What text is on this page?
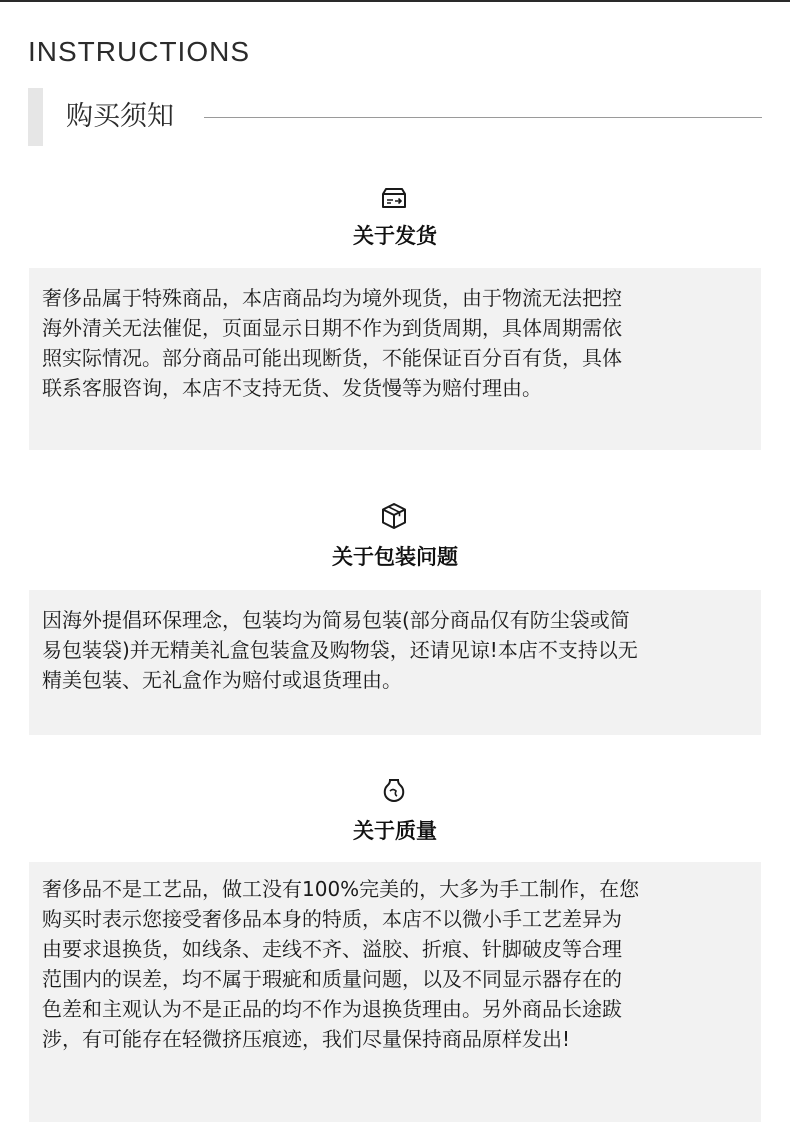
INSTRUCTIONS
购买须知
关于发货
奢侈品属于特殊商品，本店商品均为境外现货，由于物流无法把控
海外清关无法催促，页面显示日期不作为到货周期，具体周期需依
照实际情况。部分商品可能出现断货，不能保证百分百有货，具体
联系客服咨询，本店不支持无货、发货慢等为赔付理由。
关于包装问题
因海外提倡环保理念，包装均为简易包装(部分商品仅有防尘袋或简
易包装袋)并无精美礼盒包装盒及购物袋，还请见谅!本店不支持以无
精美包装、无礼盒作为赔付或退货理由。
关于质量
奢侈品不是工艺品，做工没有100%完美的，大多为手工制作，在您
购买时表示您接受奢侈品本身的特质，本店不以微小手工艺差异为
由要求退换货，如线条、走线不齐、溢胶、折痕、针脚破皮等合理
范围内的误差，均不属于瑕疵和质量问题，以及不同显示器存在的
色差和主观认为不是正品的均不作为退换货理由。另外商品长途跋
涉，有可能存在轻微挤压痕迹，我们尽量保持商品原样发出!
